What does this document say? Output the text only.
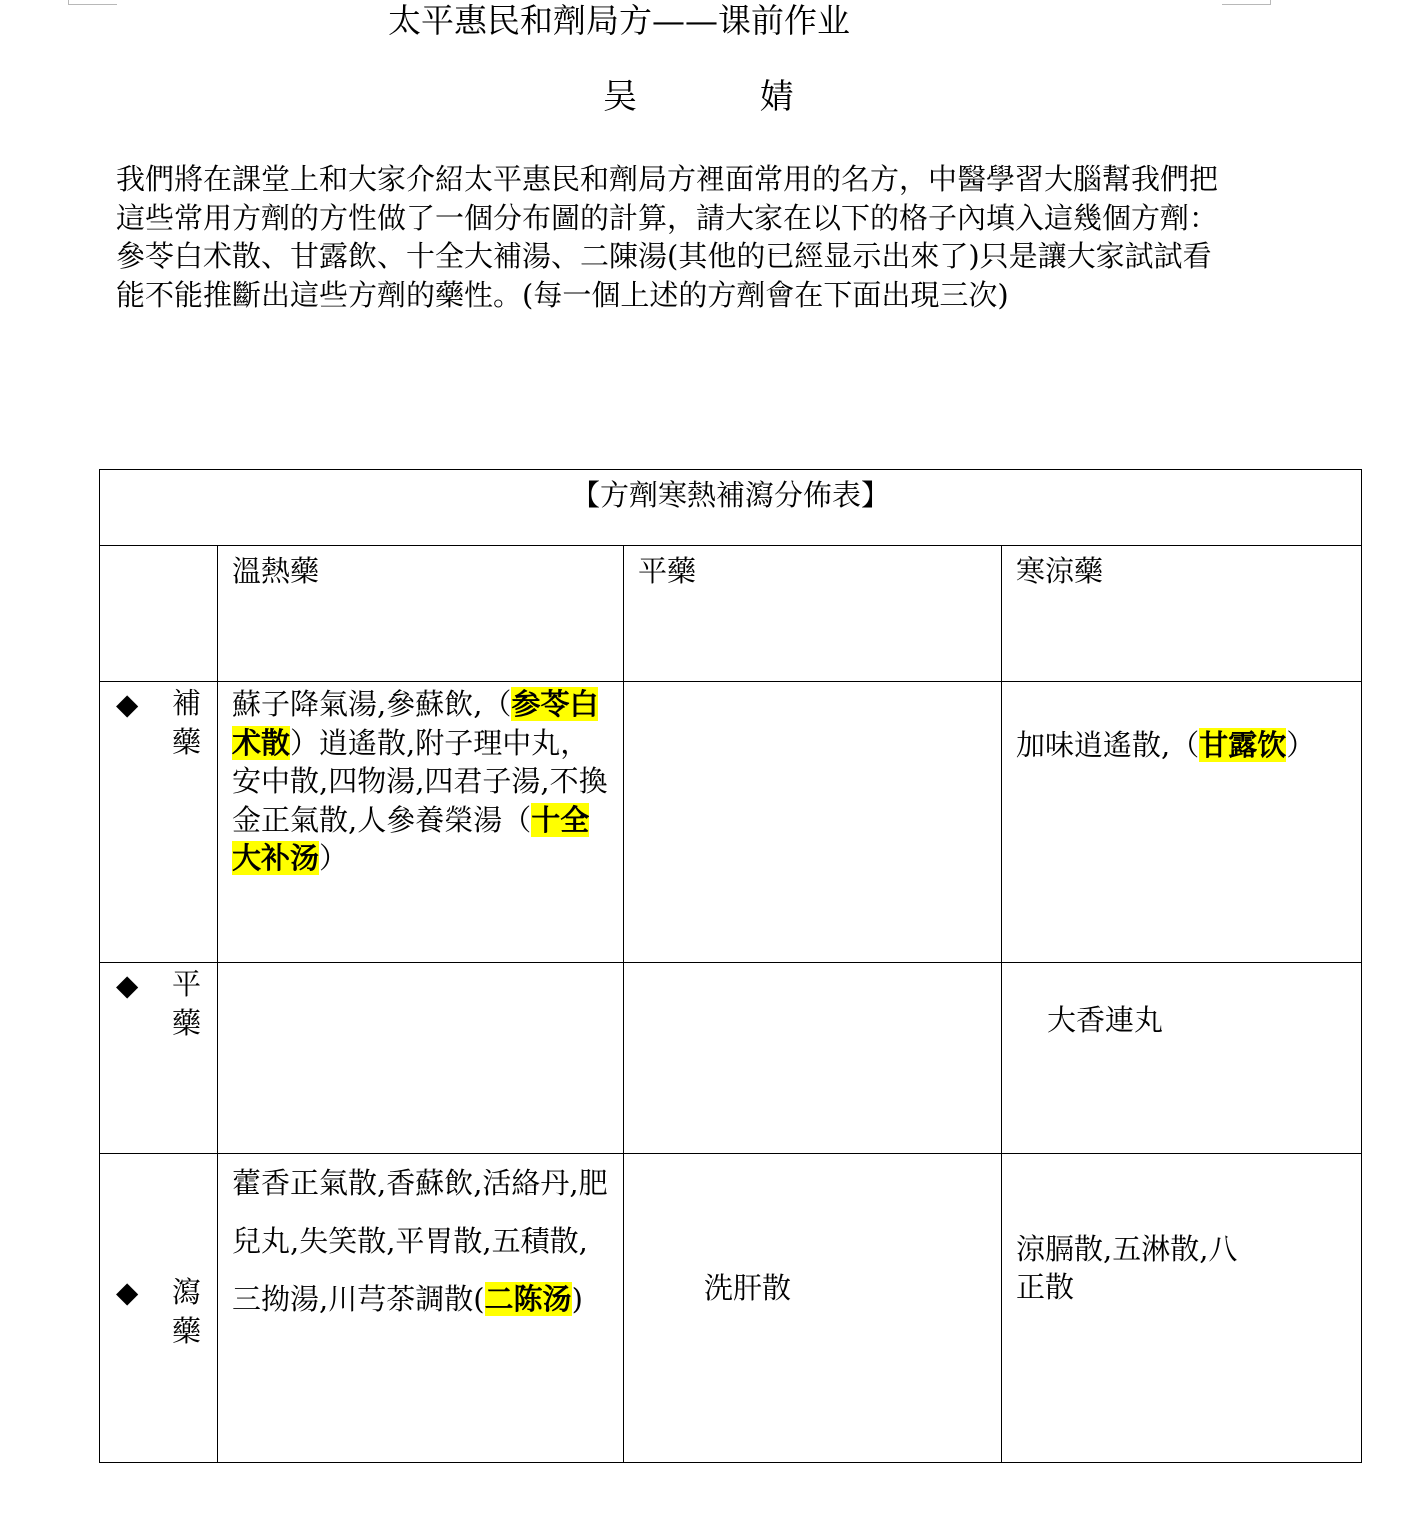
太平惠民和劑局方——课前作业
吴 婧
我們將在課堂上和大家介紹太平惠民和劑局方裡面常用的名方，中醫學習大腦幫我們把這些常用方劑的方性做了一個分布圖的計算，請大家在以下的格子內填入這幾個方劑：參苓白术散、甘露飲、十全大補湯、二陳湯(其他的已經显示出來了)只是讓大家試試看能不能推斷出這些方劑的藥性。(每一個上述的方劑會在下面出現三次)
【方劑寒熱補瀉分佈表】			

	溫熱藥	平藥	寒涼藥

◆ 補藥	蘇子降氣湯,參蘇飲,（参苓白术散）逍遙散,附子理中丸，安中散,四物湯,四君子湯,不換金正氣散,人參養榮湯（十全大补汤）		加味逍遙散,（甘露饮）

◆ 平藥			大香連丸

◆ 瀉藥	藿香正氣散,香蘇飲,活絡丹,肥兒丸,失笑散,平胃散,五積散,三拗湯,川芎茶調散(二陈汤)	洗肝散	涼膈散,五淋散,八正散
